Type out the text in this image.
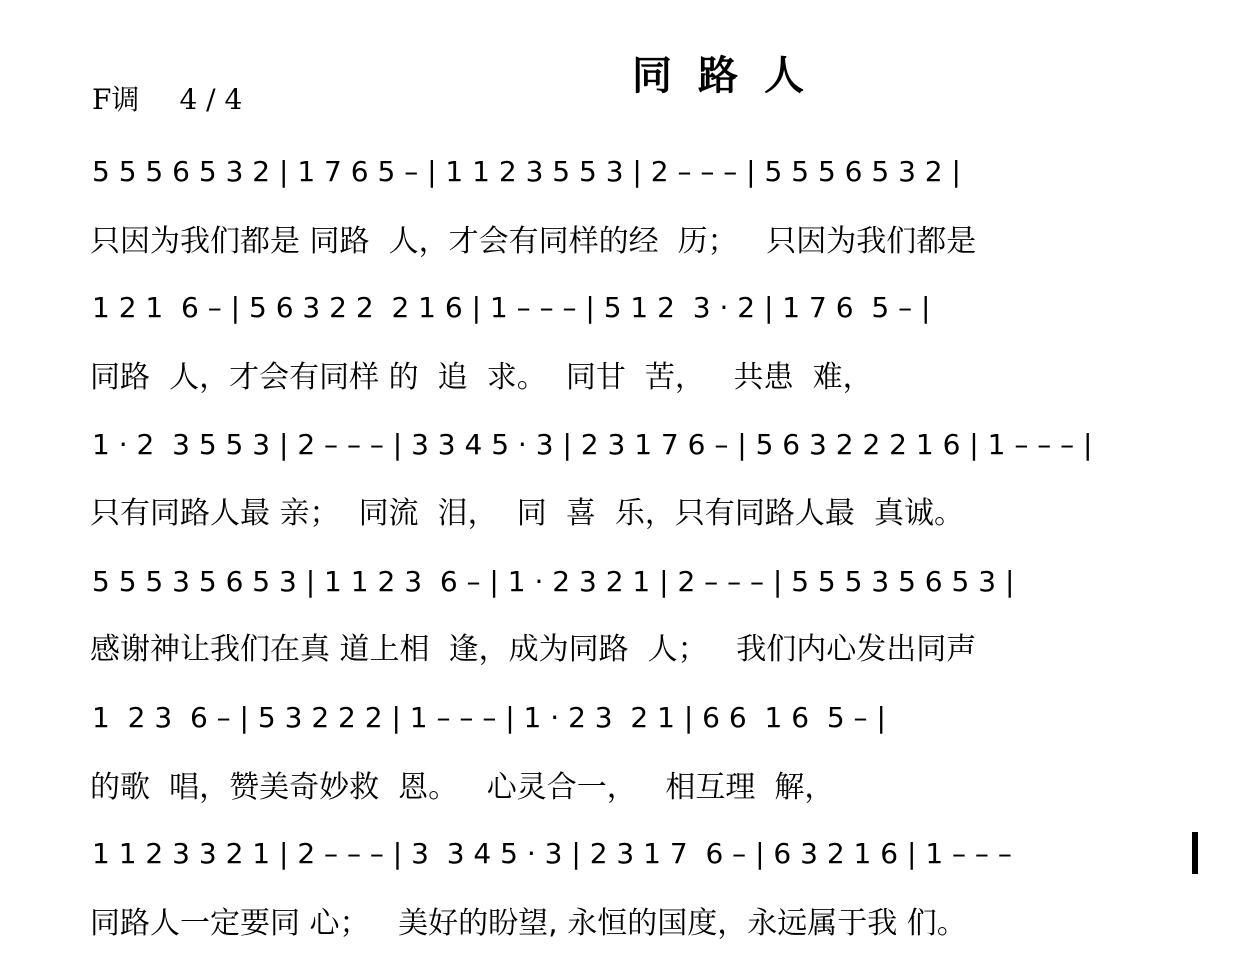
同路人
F调 4 / 4
5 5 5 6 5 3 2 | 1 7 6 5 – | 1 1 2 3 5 5 3 | 2 – – – | 5 5 5 6 5 3 2 |
只因为我们都是 同路  人，才会有同样的经  历；   只因为我们都是
1 2 1  6 – | 5 6 3 2 2  2 1 6 | 1 – – – | 5 1 2  3 · 2 | 1 7 6  5 – |
同路  人，才会有同样 的  追  求。  同甘  苦，   共患  难，
1 · 2  3 5 5 3 | 2 – – – | 3 3 4 5 · 3 | 2 3 1 7 6 – | 5 6 3 2 2 2 1 6 | 1 – – – |
只有同路人最 亲；  同流  泪，  同  喜  乐，只有同路人最  真诚。
5 5 5 3 5 6 5 3 | 1 1 2 3  6 – | 1 · 2 3 2 1 | 2 – – – | 5 5 5 3 5 6 5 3 |
感谢神让我们在真 道上相  逢，成为同路  人；   我们内心发出同声
1  2 3  6 – | 5 3 2 2 2 | 1 – – – | 1 · 2 3  2 1 | 6 6  1 6  5 – |
的歌  唱，赞美奇妙救  恩。   心灵合一，   相互理  解，
1 1 2 3 3 2 1 | 2 – – – | 3  3 4 5 · 3 | 2 3 1 7  6 – | 6 3 2 1 6 | 1 – – –
同路人一定要同 心；   美好的盼望, 永恒的国度，永远属于我 们。
